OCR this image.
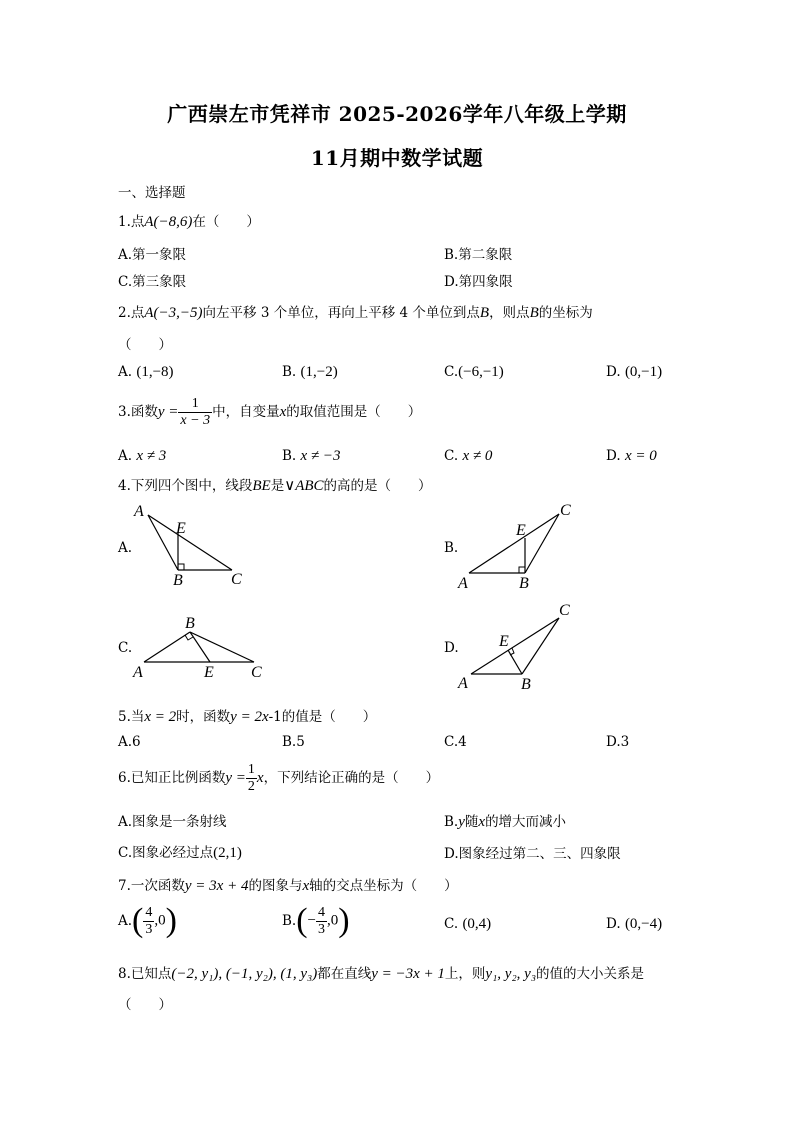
广西崇左市凭祥市 2025-2026学年八年级上学期
11月期中数学试题
一、选择题
1.点A(−8,6)在（　　）
A.第一象限	B.第二象限
C.第三象限	D.第四象限
2.点A(−3,−5)向左平移 3 个单位，再向上平移 4 个单位到点B，则点B的坐标为
（　　）
A. (1,−8)	B. (1,−2)	C.(−6,−1)	D. (0,−1)
3.函数$y = \frac{1}{x - 3}$ 中，自变量x的取值范围是（　　）
A. x ≠ 3	B. x ≠ −3	C. x ≠ 0	D. x = 0
4.下列四个图中，线段BE是∨ABC的高的是（　　）
A.
A
E
B	C
B.
C
E
A	B
C.
B
A	E C
D.
C
E
A	B
5.当x = 2时，函数y = 2x-1的值是（　　）
A.6	B.5	C.4	D.3
6.已知正比例函数$y = \frac{1}{2}$ x，下列结论正确的是（　　）
A.图象是一条射线	B.y随x的增大而减小
C.图象必经过点(2,1)	D.图象经过第二、三、四象限
7.一次函数y = 3x + 4的图象与x轴的交点坐标为（　　）
$A.( \frac{4}{3} ,0)$	$B.(- \frac{4}{3} ,0)$	C. (0,4)	D. (0,−4)
8.已知点(−2, y₁), (−1, y₂), (1, y₃)都在直线y = −3x + 1上，则y₁, y₂, y₃的值的大小关系是
（　　）
